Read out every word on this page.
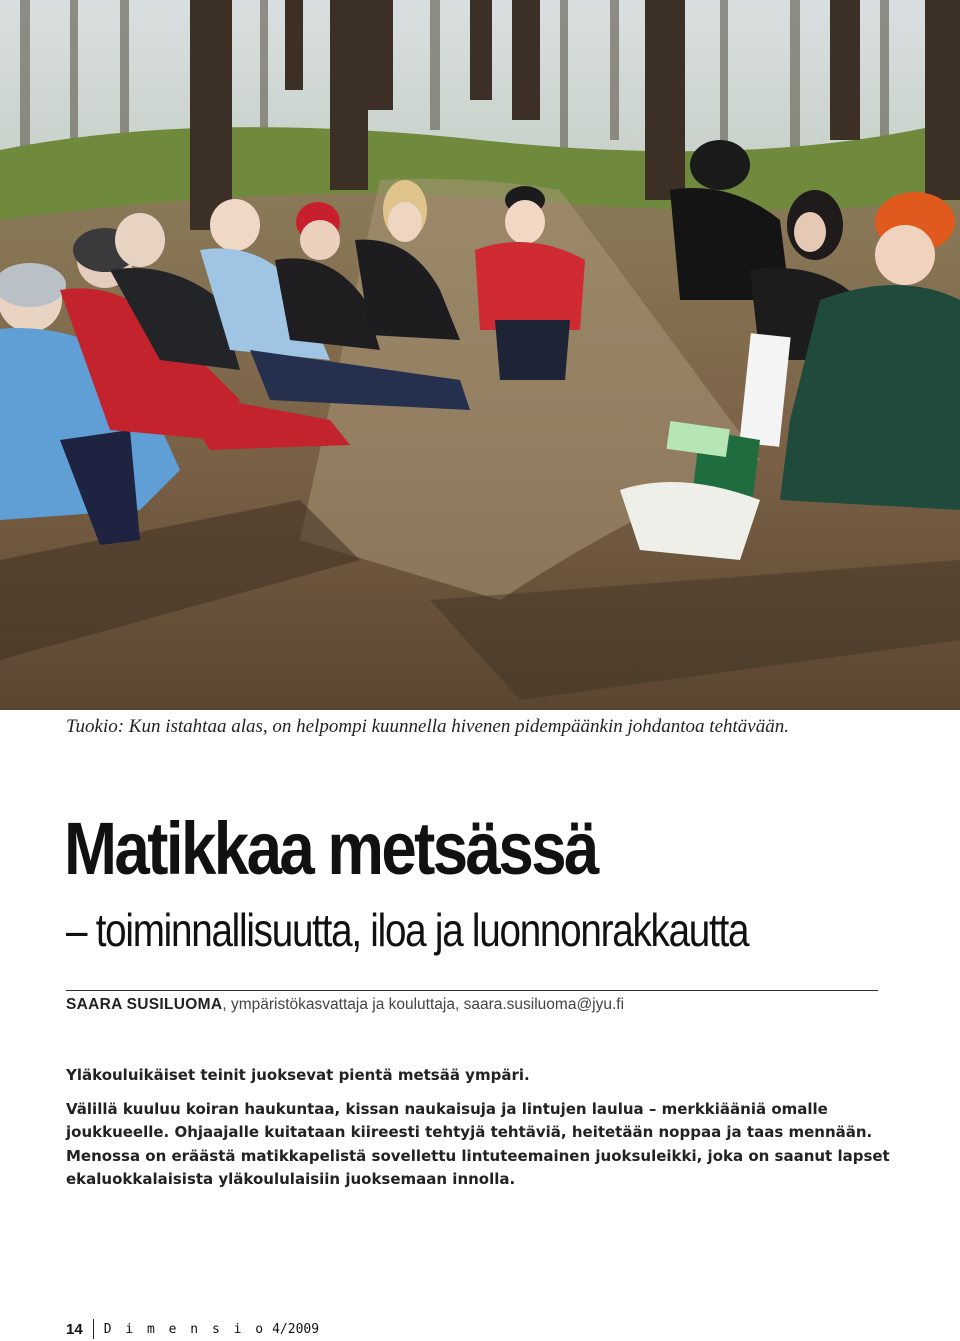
Tuokio: Kun istahtaa alas, on helpompi kuunnella hivenen pidempäänkin johdantoa tehtävään.
Matikkaa metsässä
– toiminnallisuutta, iloa ja luonnonrakkautta
SAARA SUSILUOMA, ympäristökasvattaja ja kouluttaja, saara.susiluoma@jyu.fi

Yläkouluikäiset teinit juoksevat pientä metsää ympäri.

Välillä kuuluu koiran haukuntaa, kissan naukaisuja ja lintujen laulua – merkkiääniä omalle joukkueelle. Ohjaajalle kuitataan kiireesti tehtyjä tehtäviä, heitetään noppaa ja taas mennään. Menossa on eräästä matikkapelistä sovellettu lintuteemainen juoksuleikki, joka on saanut lapset ekaluokkalaisista yläkoululaisiin juoksemaan innolla.

14 D i m e n s i o 4/2009
